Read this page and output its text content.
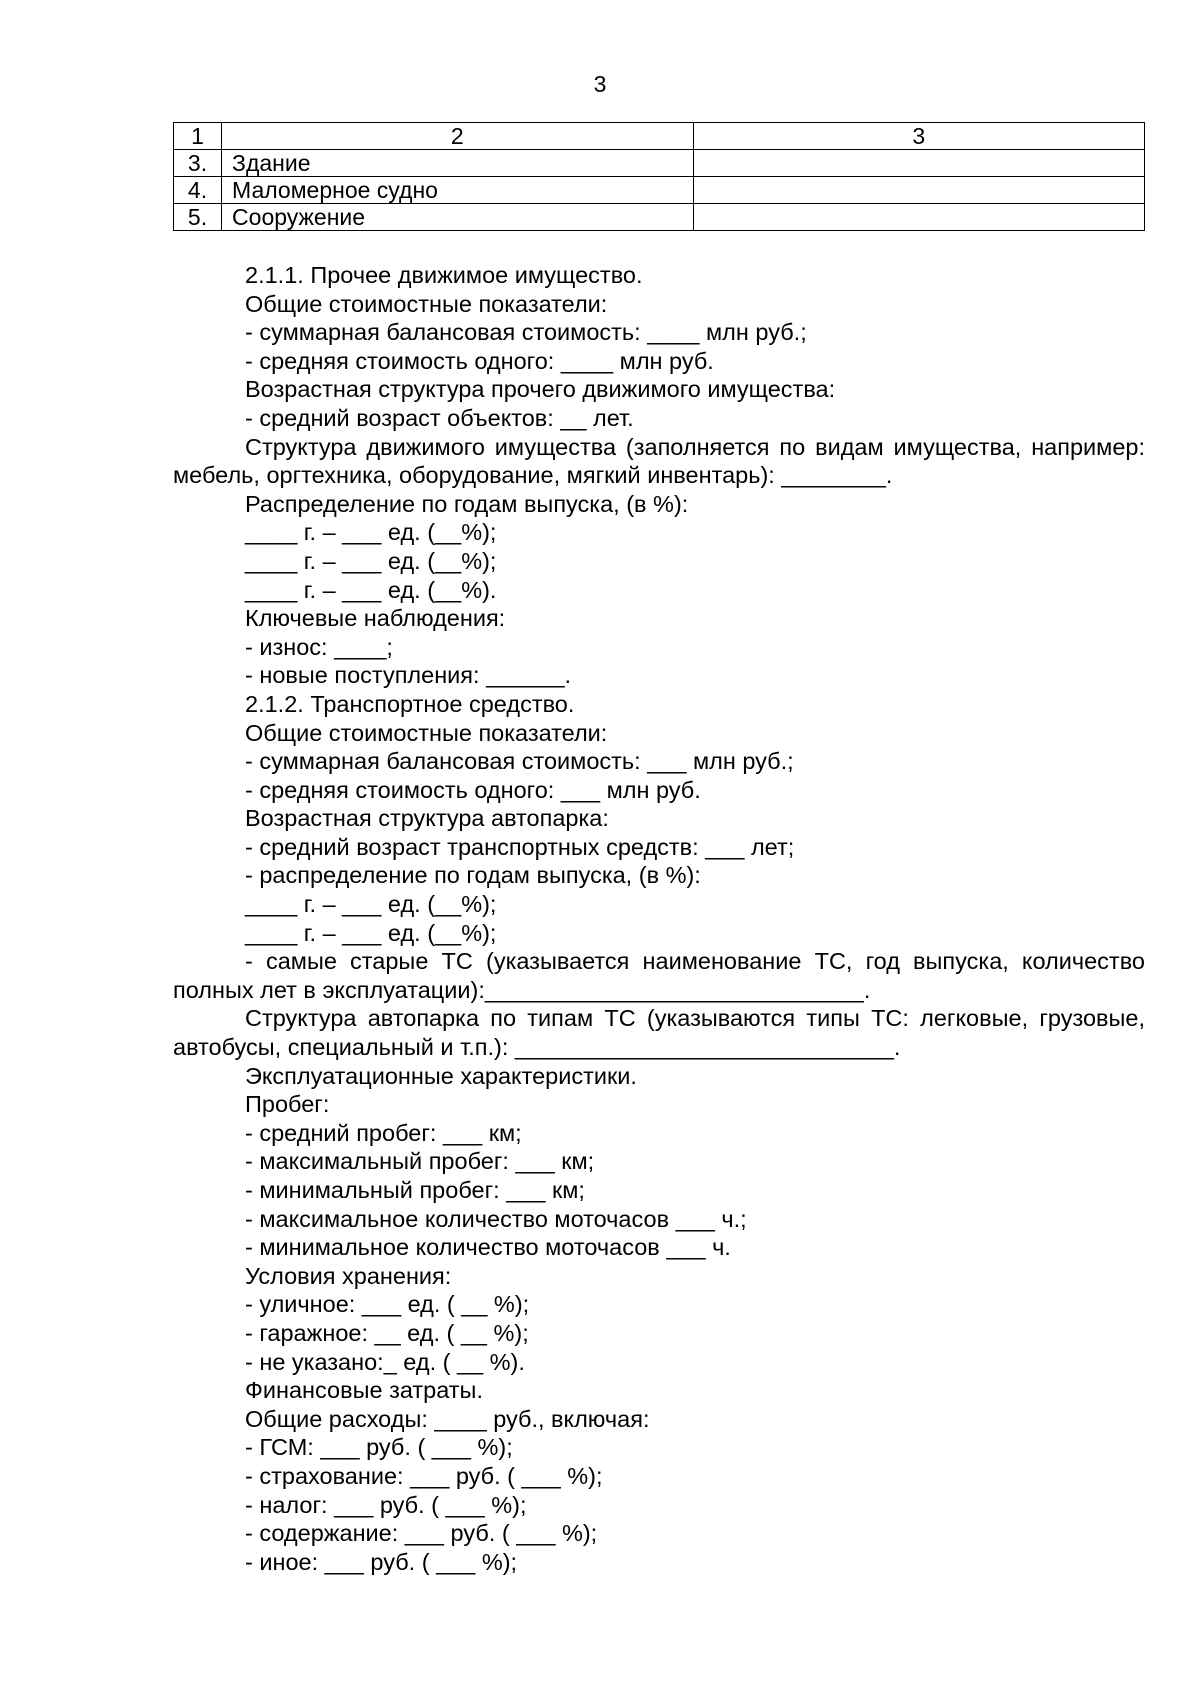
3
1	2	3
3.	Здание	
4.	Маломерное судно	
5.	Сооружение	

2.1.1. Прочее движимое имущество.

Общие стоимостные показатели:

- суммарная балансовая стоимость: ____ млн руб.;

- средняя стоимость одного: ____ млн руб.

Возрастная структура прочего движимого имущества:

- средний возраст объектов: __ лет.

Структура движимого имущества (заполняется по видам имущества, например: мебель, оргтехника, оборудование, мягкий инвентарь): ________.

Распределение по годам выпуска, (в %):

____ г. – ___ ед. (__%);

____ г. – ___ ед. (__%);

____ г. – ___ ед. (__%).

Ключевые наблюдения:

- износ: ____;

- новые поступления: ______.

2.1.2. Транспортное средство.

Общие стоимостные показатели:

- суммарная балансовая стоимость: ___ млн руб.;

- средняя стоимость одного: ___ млн руб.

Возрастная структура автопарка:

- средний возраст транспортных средств: ___ лет;

- распределение по годам выпуска, (в %):

____ г. – ___ ед. (__%);

____ г. – ___ ед. (__%);

- самые старые ТС (указывается наименование ТС, год выпуска, количество полных лет в эксплуатации):_____________________________.

Структура автопарка по типам ТС (указываются типы ТС: легковые, грузовые, автобусы, специальный и т.п.): _____________________________.

Эксплуатационные характеристики.

Пробег:

- средний пробег: ___ км;

- максимальный пробег: ___ км;

- минимальный пробег: ___ км;

- максимальное количество моточасов ___ ч.;

- минимальное количество моточасов ___ ч.

Условия хранения:

- уличное: ___ ед. ( __ %);

- гаражное: __ ед. ( __ %);

- не указано:_ ед. ( __ %).

Финансовые затраты.

Общие расходы: ____ руб., включая:

- ГСМ: ___ руб. ( ___ %);

- страхование: ___ руб. ( ___ %);

- налог: ___ руб. ( ___ %);

- содержание: ___ руб. ( ___ %);

- иное: ___ руб. ( ___ %);
